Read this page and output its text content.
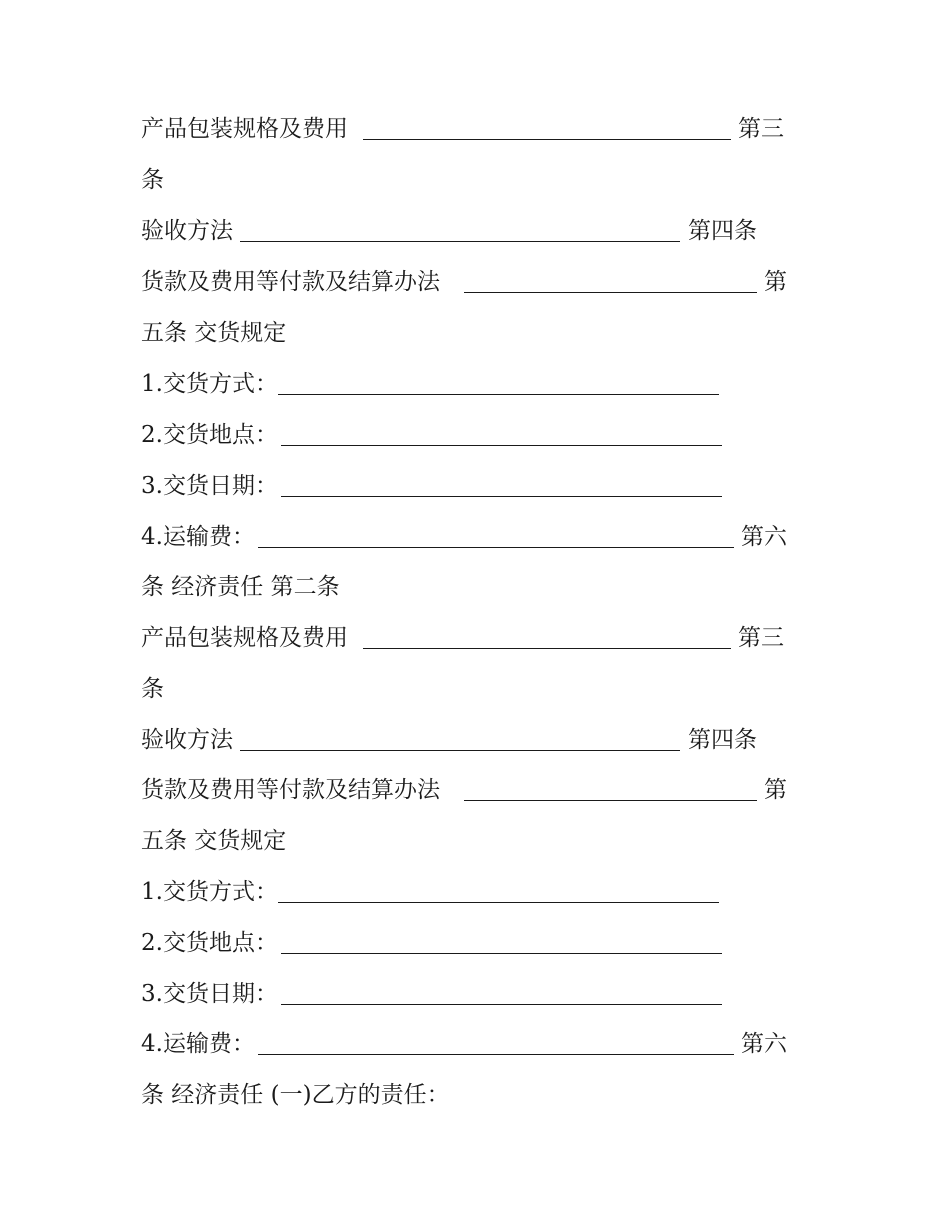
产品包装规格及费用	第三
条
验收方法	第四条
货款及费用等付款及结算办法	第
五条 交货规定
1.交货方式：
2.交货地点：
3.交货日期：
4.运输费：	第六
条 经济责任 第二条
产品包装规格及费用	第三
条
验收方法	第四条
货款及费用等付款及结算办法	第
五条 交货规定
1.交货方式：
2.交货地点：
3.交货日期：
4.运输费：	第六
条 经济责任 (一)乙方的责任：
